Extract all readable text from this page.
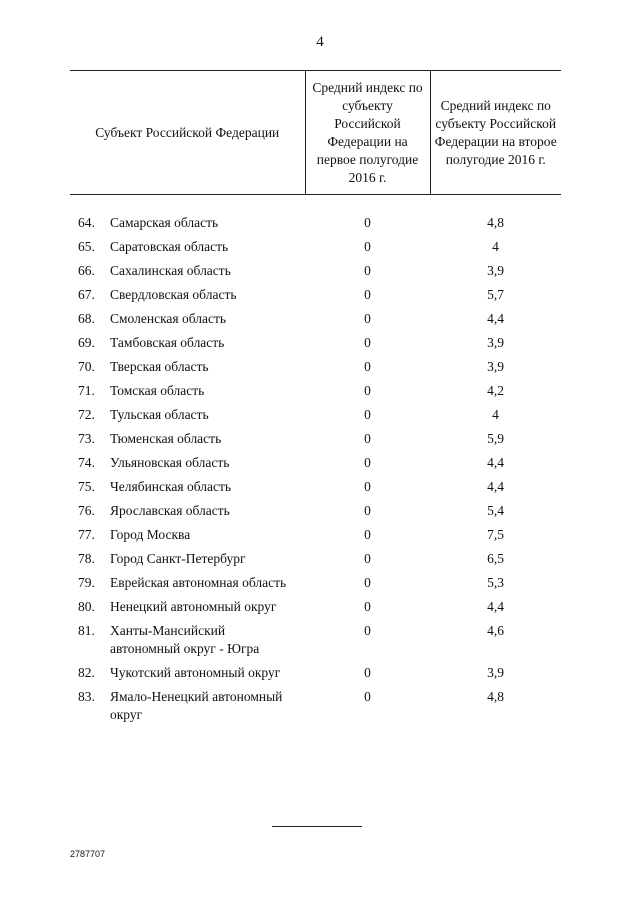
4
Субъект Российской Федерации	Средний индекс по субъекту Российской Федерации на первое полугодие 2016 г.	Средний индекс по субъекту Российской Федерации на второе полугодие 2016 г.

64. Самарская область	0	4,8

65. Саратовская область	0	4

66. Сахалинская область	0	3,9

67. Свердловская область	0	5,7

68. Смоленская область	0	4,4

69. Тамбовская область	0	3,9

70. Тверская область	0	3,9

71. Томская область	0	4,2

72. Тульская область	0	4

73. Тюменская область	0	5,9

74. Ульяновская область	0	4,4

75. Челябинская область	0	4,4

76. Ярославская область	0	5,4

77. Город Москва	0	7,5

78. Город Санкт-Петербург	0	6,5

79. Еврейская автономная область	0	5,3

80. Ненецкий автономный округ	0	4,4

81. Ханты-Мансийский автономный округ - Югра	0	4,6

82. Чукотский автономный округ	0	3,9

83. Ямало-Ненецкий автономный округ	0	4,8
2787707
